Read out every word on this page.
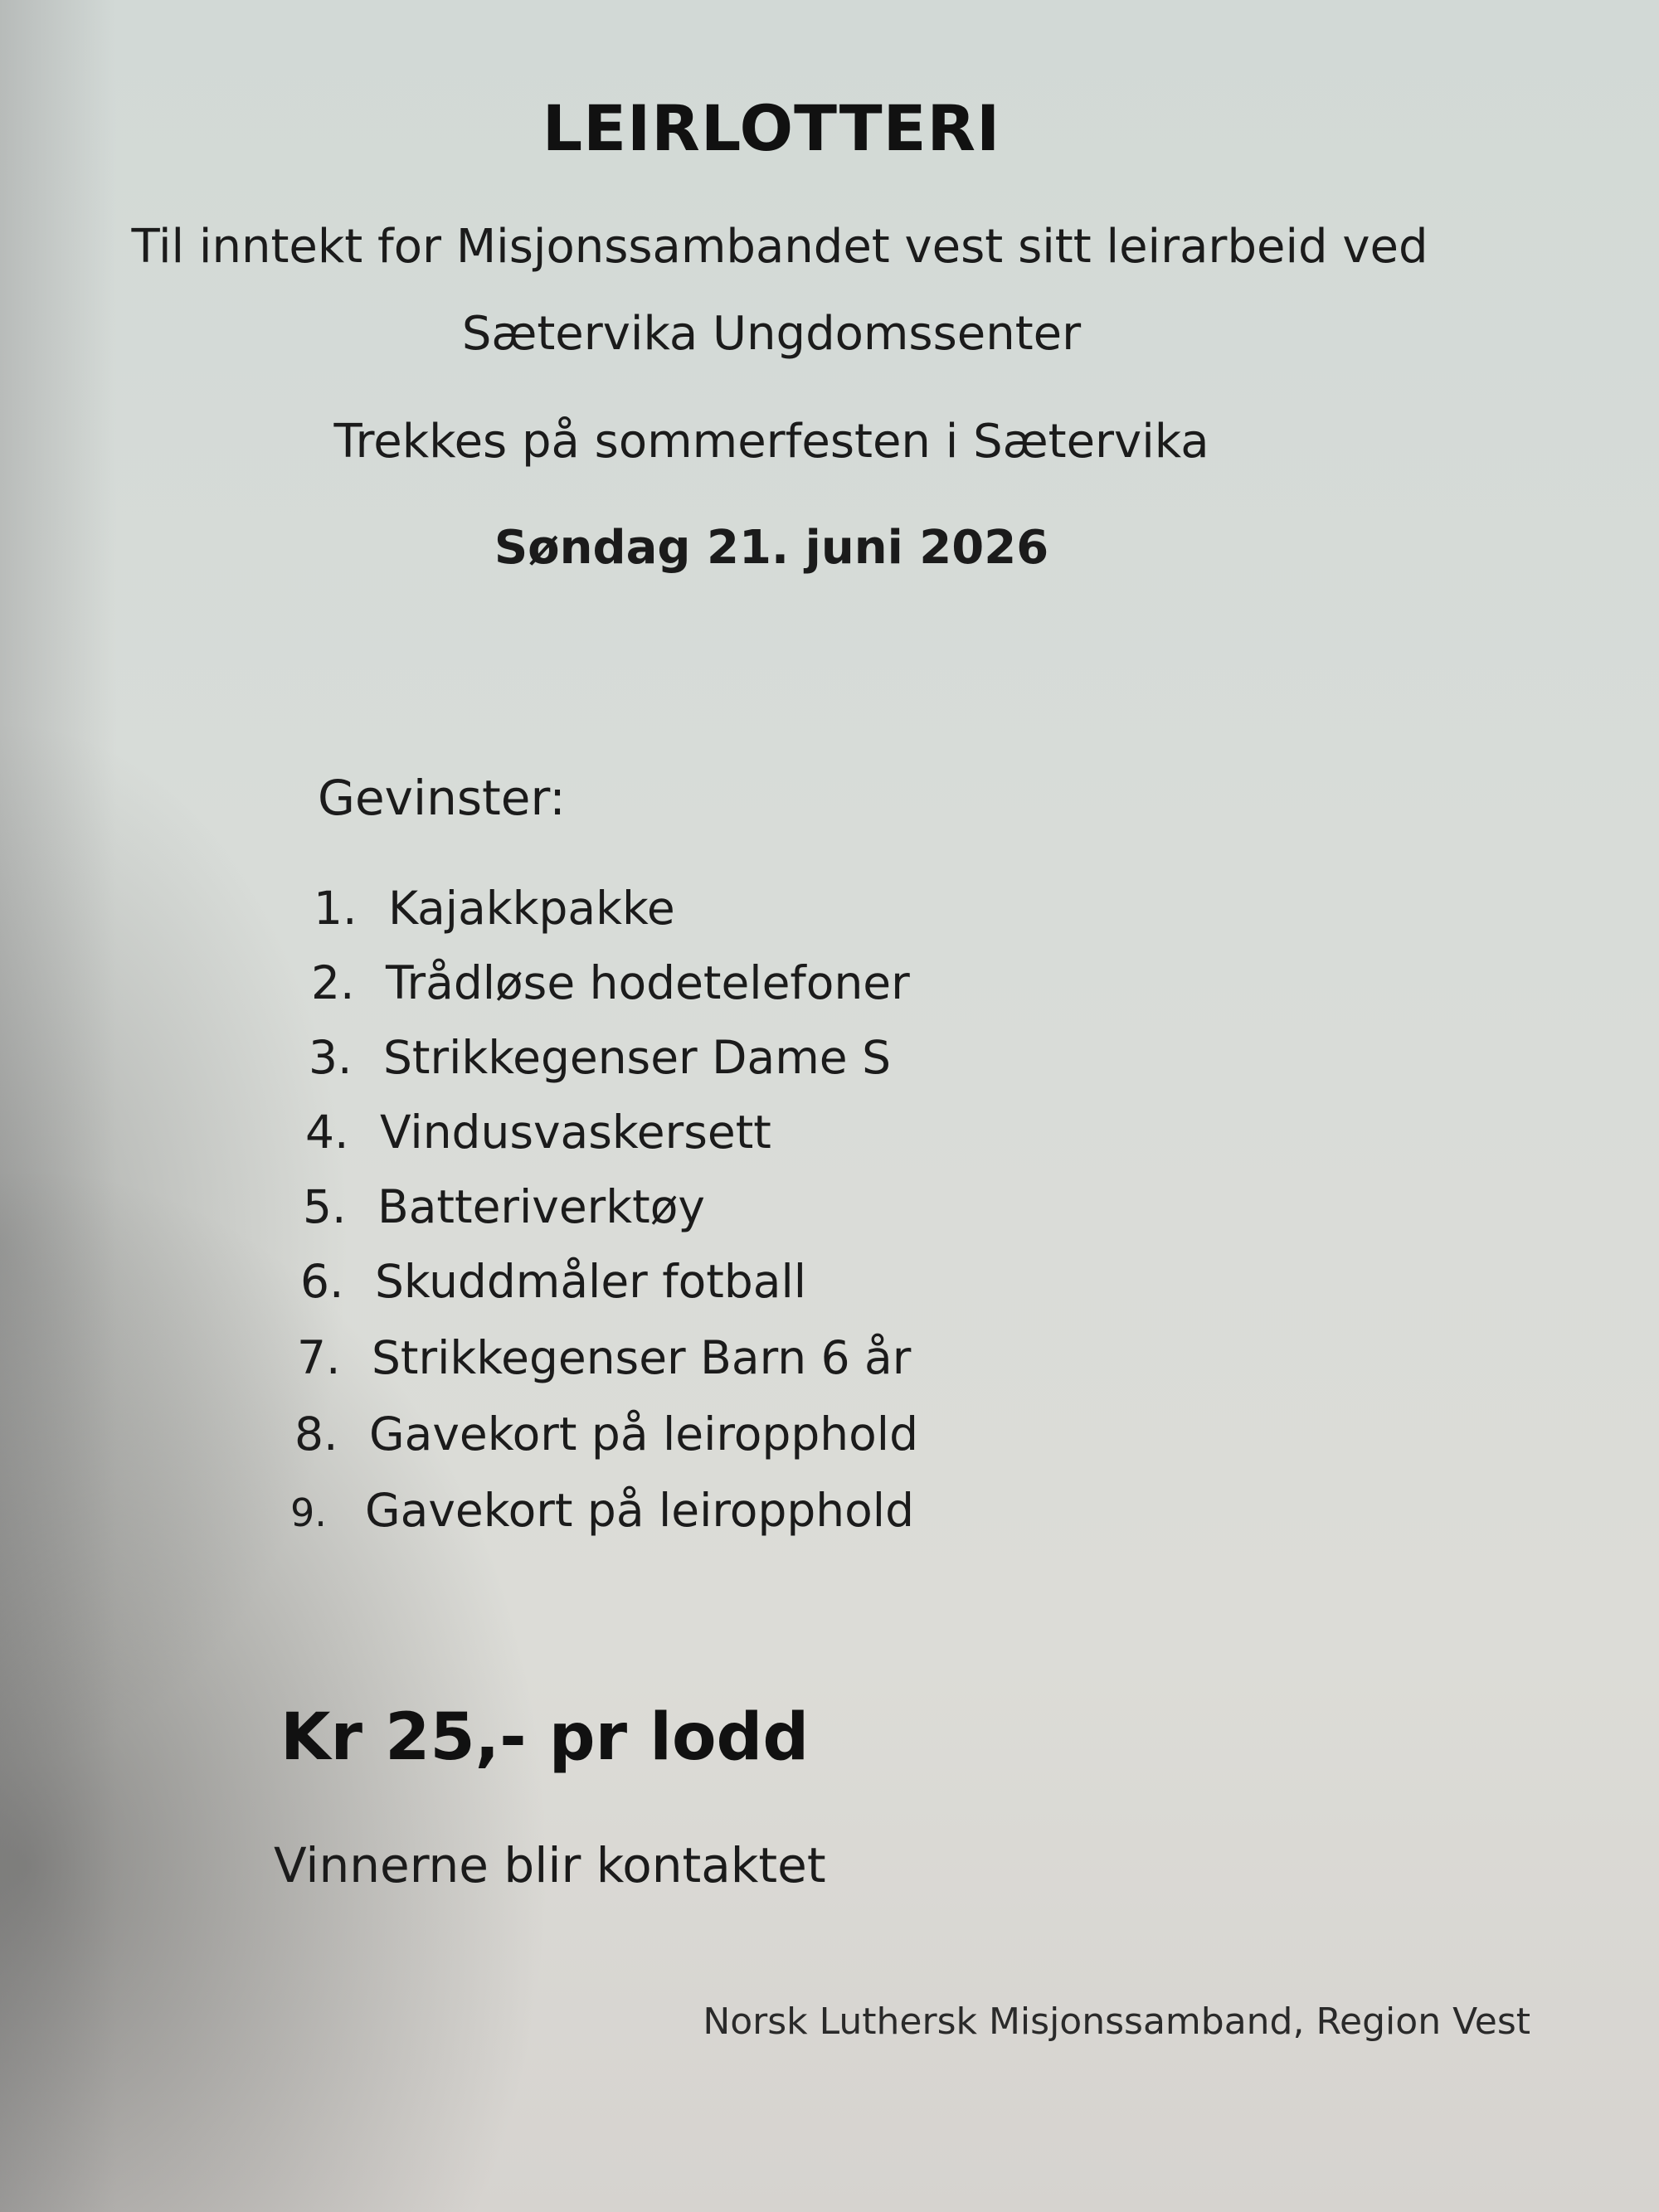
LEIRLOTTERI

Til inntekt for Misjonssambandet vest sitt leirarbeid ved

Sætervika Ungdomssenter

Trekkes på sommerfesten i Sætervika

Søndag 21. juni 2026

Gevinster:

1. Kajakkpakke
2. Trådløse hodetelefoner
3. Strikkegenser Dame S
4. Vindusvaskersett
5. Batteriverktøy
6. Skuddmåler fotball
7. Strikkegenser Barn 6 år
8. Gavekort på leiropphold
9. Gavekort på leiropphold

Kr 25,- pr lodd

Vinnerne blir kontaktet

Norsk Luthersk Misjonssamband, Region Vest
